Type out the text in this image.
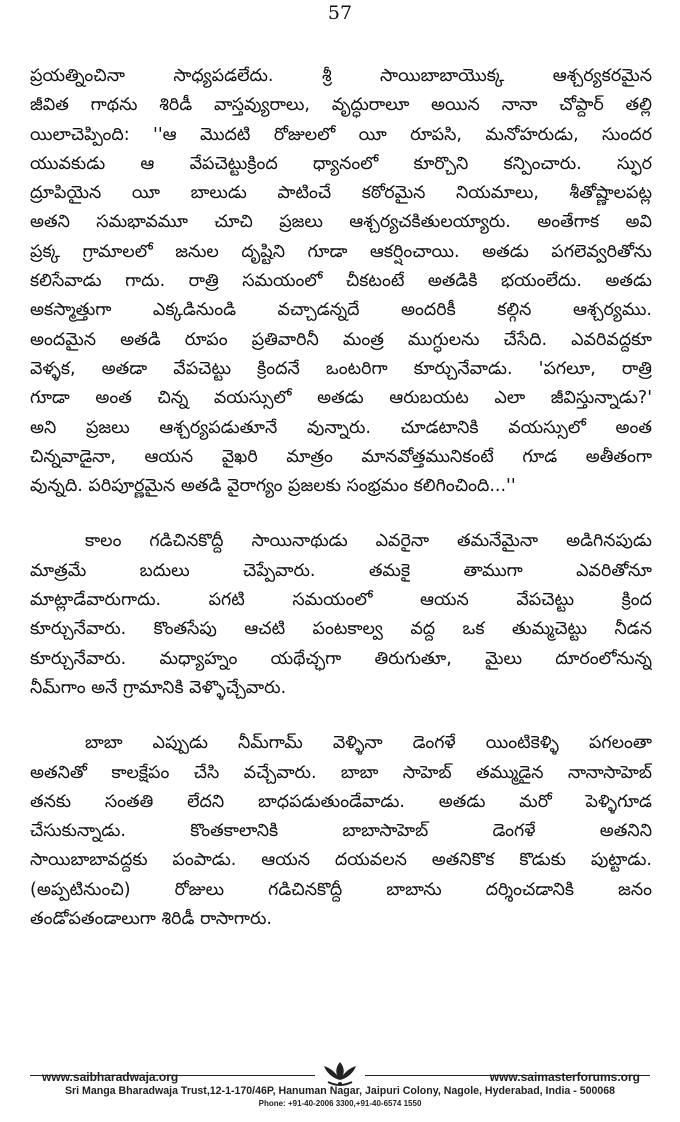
57
ప్రయత్నించినా సాధ్యపడలేదు. శ్రీ సాయిబాబాయొక్క ఆశ్చర్యకరమైన
జీవిత గాథను శిరిడీ వాస్తవ్యురాలు, వృద్ధురాలూ అయిన నానా చోప్దార్ తల్లి
యిలాచెప్పింది: ''ఆ మొదటి రోజులలో యీ రూపసి, మనోహరుడు, సుందర
యువకుడు ఆ వేపచెట్టుక్రింద ధ్యానంలో కూర్చొని కన్పించారు. స్ఫుర
ద్రూపియైన యీ బాలుడు పాటించే కఠోరమైన నియమాలు, శీతోష్ణాలపట్ల
అతని సమభావమూ చూచి ప్రజలు ఆశ్చర్యచకితులయ్యారు. అంతేగాక అవి
ప్రక్క గ్రామాలలో జనుల దృష్టిని గూడా ఆకర్షించాయి. అతడు పగలెవ్వరితోను
కలిసేవాడు గాదు. రాత్రి సమయంలో చీకటంటే అతడికి భయంలేదు. అతడు
అకస్మాత్తుగా ఎక్కడినుండి వచ్చాడన్నదే అందరికీ కల్గిన ఆశ్చర్యము.
అందమైన అతడి రూపం ప్రతివారినీ మంత్ర ముగ్ధులను చేసేది. ఎవరివద్దకూ
వెళ్ళక, అతడా వేపచెట్టు క్రిందనే ఒంటరిగా కూర్చునేవాడు. 'పగలూ, రాత్రి
గూడా అంత చిన్న వయస్సులో అతడు ఆరుబయట ఎలా జీవిస్తున్నాడు?'
అని ప్రజలు ఆశ్చర్యపడుతూనే వున్నారు. చూడటానికి వయస్సులో అంత
చిన్నవాడైనా, ఆయన వైఖరి మాత్రం మానవోత్తమునికంటే గూడ అతీతంగా
వున్నది. పరిపూర్ణమైన అతడి వైరాగ్యం ప్రజలకు సంభ్రమం కలిగించింది...''
కాలం గడిచినకొద్దీ సాయినాథుడు ఎవరైనా తమనేమైనా అడిగినపుడు
మాత్రమే బదులు చెప్పేవారు. తమకై తాముగా ఎవరితోనూ
మాట్లాడేవారుగాదు. పగటి సమయంలో ఆయన వేపచెట్టు క్రింద
కూర్చునేవారు. కొంతసేపు ఆచటి పంటకాల్వ వద్ద ఒక తుమ్మచెట్టు నీడన
కూర్చునేవారు. మధ్యాహ్నం యథేచ్ఛగా తిరుగుతూ, మైలు దూరంలోనున్న
నీమ్‌గాం అనే గ్రామానికి వెళ్ళొచ్చేవారు.
బాబా ఎప్పుడు నీమ్‌గామ్ వెళ్ళినా డెంగళే యింటికెళ్ళి పగలంతా
అతనితో కాలక్షేపం చేసి వచ్చేవారు. బాబా సాహెబ్ తమ్ముడైన నానాసాహెబ్
తనకు సంతతి లేదని బాధపడుతుండేవాడు. అతడు మరో పెళ్ళిగూడ
చేసుకున్నాడు. కొంతకాలానికి బాబాసాహెబ్ డెంగళే అతనిని
సాయిబాబావద్దకు పంపాడు. ఆయన దయవలన అతనికొక కొడుకు పుట్టాడు.
(అప్పటినుంచి) రోజులు గడిచినకొద్దీ బాబాను దర్శించడానికి జనం
తండోపతండాలుగా శిరిడీ రాసాగారు.
www.saibharadwaja.org	www.saimasterforums.org
Sri Manga Bharadwaja Trust,12-1-170/46P, Hanuman Nagar, Jaipuri Colony, Nagole, Hyderabad, India - 500068
Phone: +91-40-2006 3300,+91-40-6574 1550
